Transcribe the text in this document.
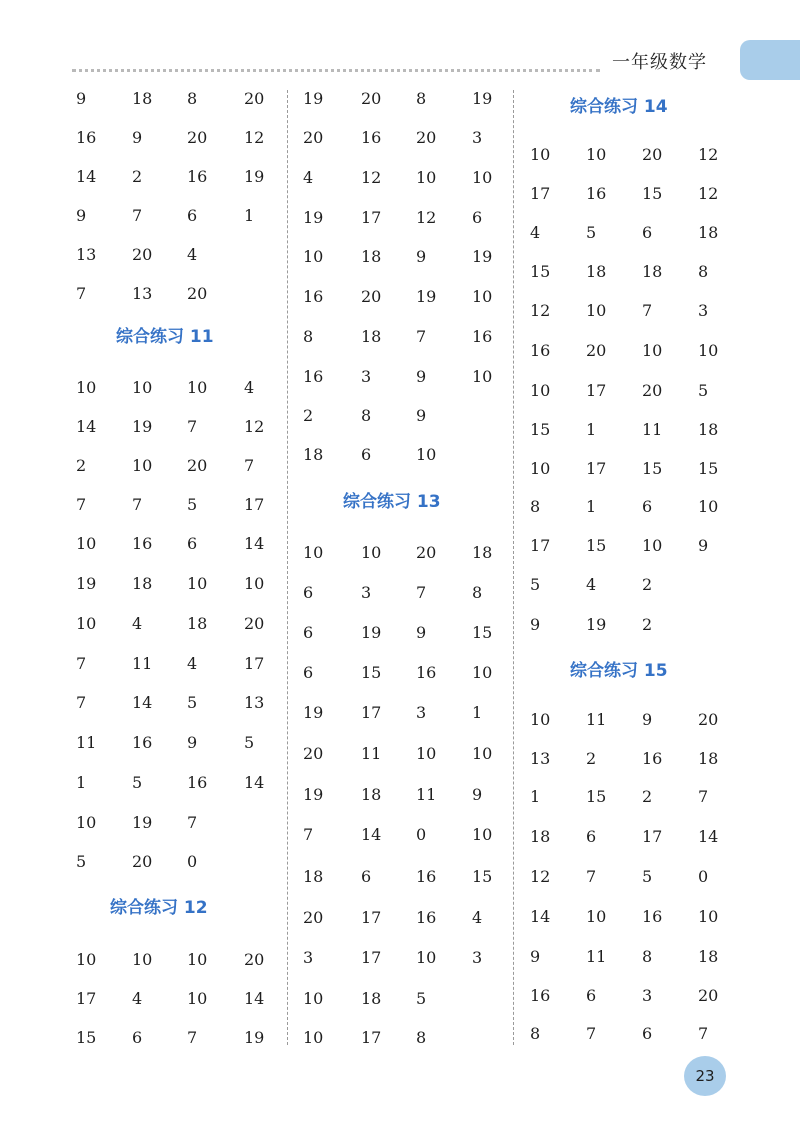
一年级数学
9	18	8	20
16	9	20	12
14	2	16	19
9	7	6	1
13	20	4
7	13	20
综合练习 11
10	10	10	4
14	19	7	12
2	10	20	7
7	7	5	17
10	16	6	14
19	18	10	10
10	4	18	20
7	11	4	17
7	14	5	13
11	16	9	5
1	5	16	14
10	19	7
5	20	0
综合练习 12
10	10	10	20
17	4	10	14
15	6	7	19
19	20	8	19
20	16	20	3
4	12	10	10
19	17	12	6
10	18	9	19
16	20	19	10
8	18	7	16
16	3	9	10
2	8	9
18	6	10
综合练习 13
10	10	20	18
6	3	7	8
6	19	9	15
6	15	16	10
19	17	3	1
20	11	10	10
19	18	11	9
7	14	0	10
18	6	16	15
20	17	16	4
3	17	10	3
10	18	5
10	17	8
综合练习 14
10	10	20	12
17	16	15	12
4	5	6	18
15	18	18	8
12	10	7	3
16	20	10	10
10	17	20	5
15	1	11	18
10	17	15	15
8	1	6	10
17	15	10	9
5	4	2
9	19	2
综合练习 15
10	11	9	20
13	2	16	18
1	15	2	7
18	6	17	14
12	7	5	0
14	10	16	10
9	11	8	18
16	6	3	20
8	7	6	7
23
